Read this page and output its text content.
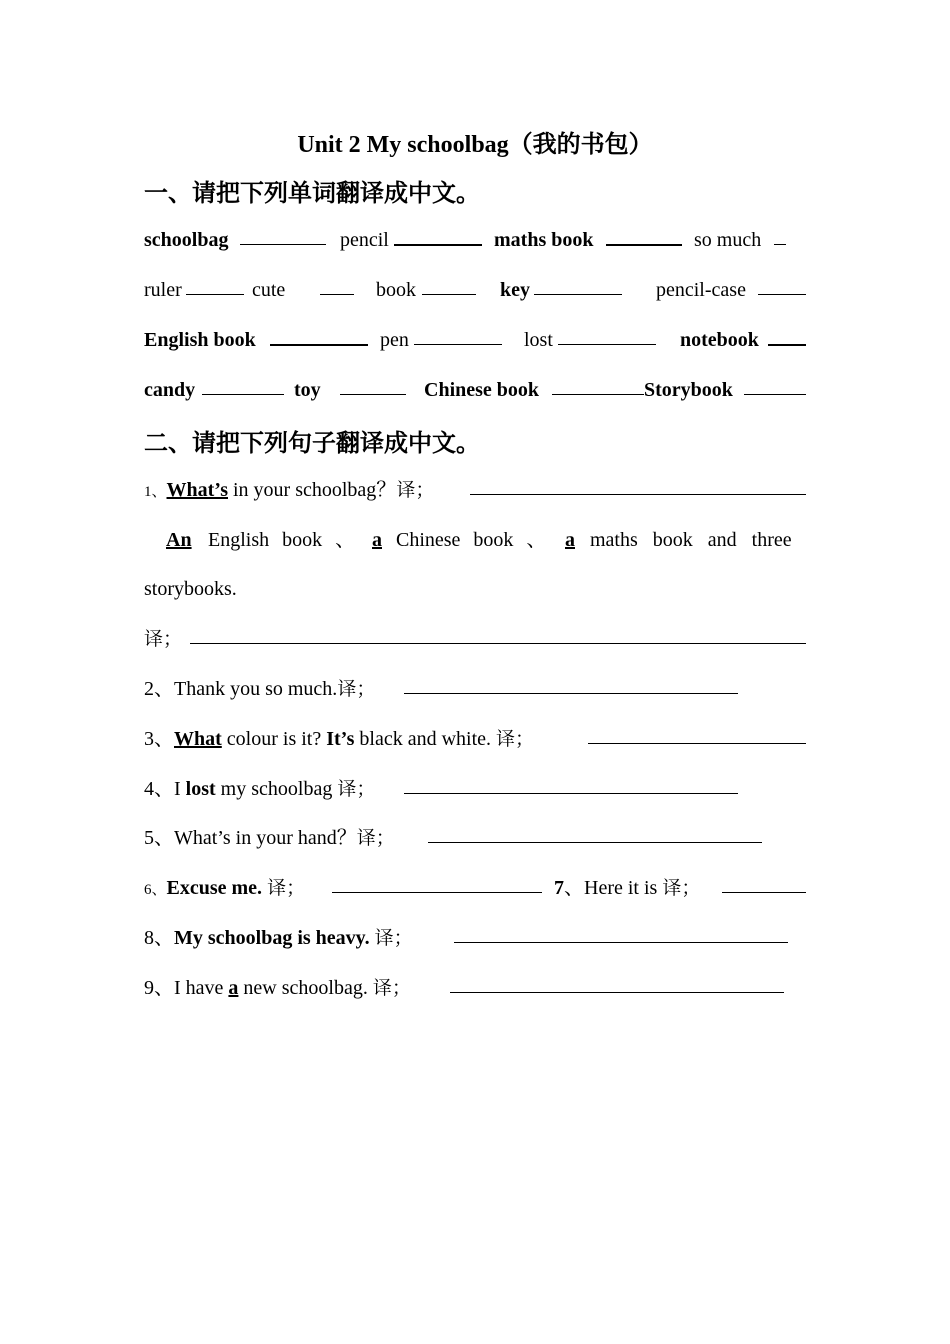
Unit 2 My schoolbag（我的书包）
一、请把下列单词翻译成中文。
schoolbag	pencil	maths book	so much
ruler	cute	book	key	pencil-case
English book	pen	lost	notebook
candy	toy	Chinese book	Storybook
二、请把下列句子翻译成中文。
1、What’s in your schoolbag？译；
An English book 、 a Chinese book 、 a maths book and three
storybooks.
译；
2、Thank you so much.译；
3、What colour is it? It’s black and white. 译；
4、I lost my schoolbag 译；
5、What’s in your hand？译；
6、Excuse me. 译；	7、Here it is 译；
8、My schoolbag is heavy. 译；
9、I have a new schoolbag. 译；
